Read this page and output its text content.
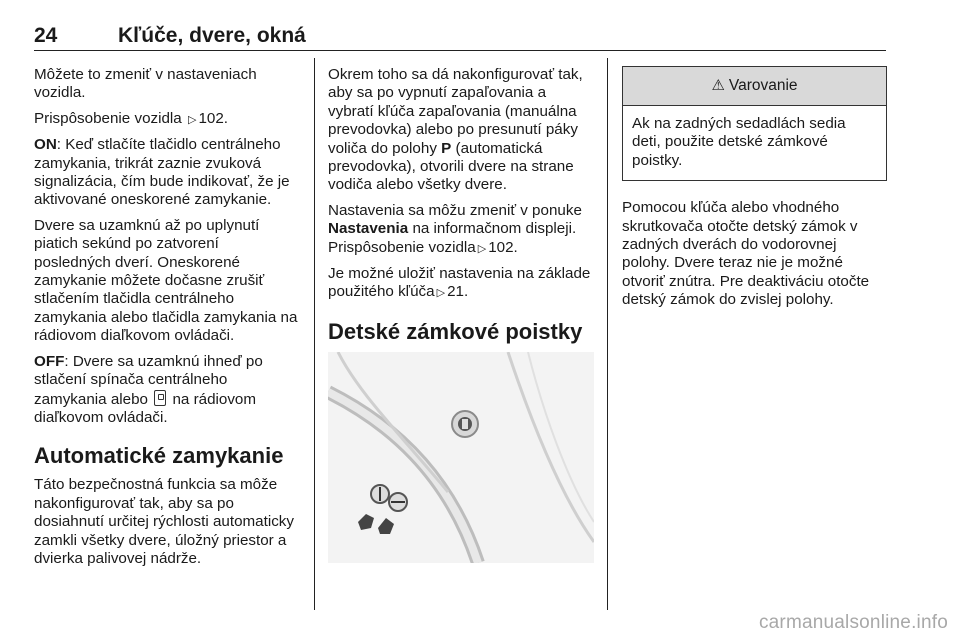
24	Kľúče, dvere, okná

Môžete to zmeniť v nastaveniach vozidla.

Prispôsobenie vozidla ▷ 102.

ON: Keď stlačíte tlačidlo centrálneho zamykania, trikrát zaznie zvuková signalizácia, čím bude indikovať, že je aktivované oneskorené zamykanie.

Dvere sa uzamknú až po uplynutí piatich sekúnd po zatvorení posledných dverí. Oneskorené zamykanie môžete dočasne zrušiť stlačením tlačidla centrálneho zamykania alebo tlačidla zamykania na rádiovom diaľkovom ovládači.

OFF: Dvere sa uzamknú ihneď po stlačení spínača centrálneho zamykania alebo na rádiovom diaľkovom ovládači.

Automatické zamykanie

Táto bezpečnostná funkcia sa môže nakonfigurovať tak, aby sa po dosiahnutí určitej rýchlosti automaticky zamkli všetky dvere, úložný priestor a dvierka palivovej nádrže.

Okrem toho sa dá nakonfigurovať tak, aby sa po vypnutí zapaľovania a vybratí kľúča zapaľovania (manuálna prevodovka) alebo po presunutí páky voliča do polohy P (automatická prevodovka), otvorili dvere na strane vodiča alebo všetky dvere.

Nastavenia sa môžu zmeniť v ponuke Nastavenia na informačnom displeji.
Prispôsobenie vozidla ▷ 102.

Je možné uložiť nastavenia na základe použitého kľúča ▷ 21.

Detské zámkové poistky
⚠ Varovanie
Ak na zadných sedadlách sedia deti, použite detské zámkové poistky.

Pomocou kľúča alebo vhodného skrutkovača otočte detský zámok v zadných dverách do vodorovnej polohy. Dvere teraz nie je možné otvoriť znútra. Pre deaktiváciu otočte detský zámok do zvislej polohy.

carmanualsonline.info
